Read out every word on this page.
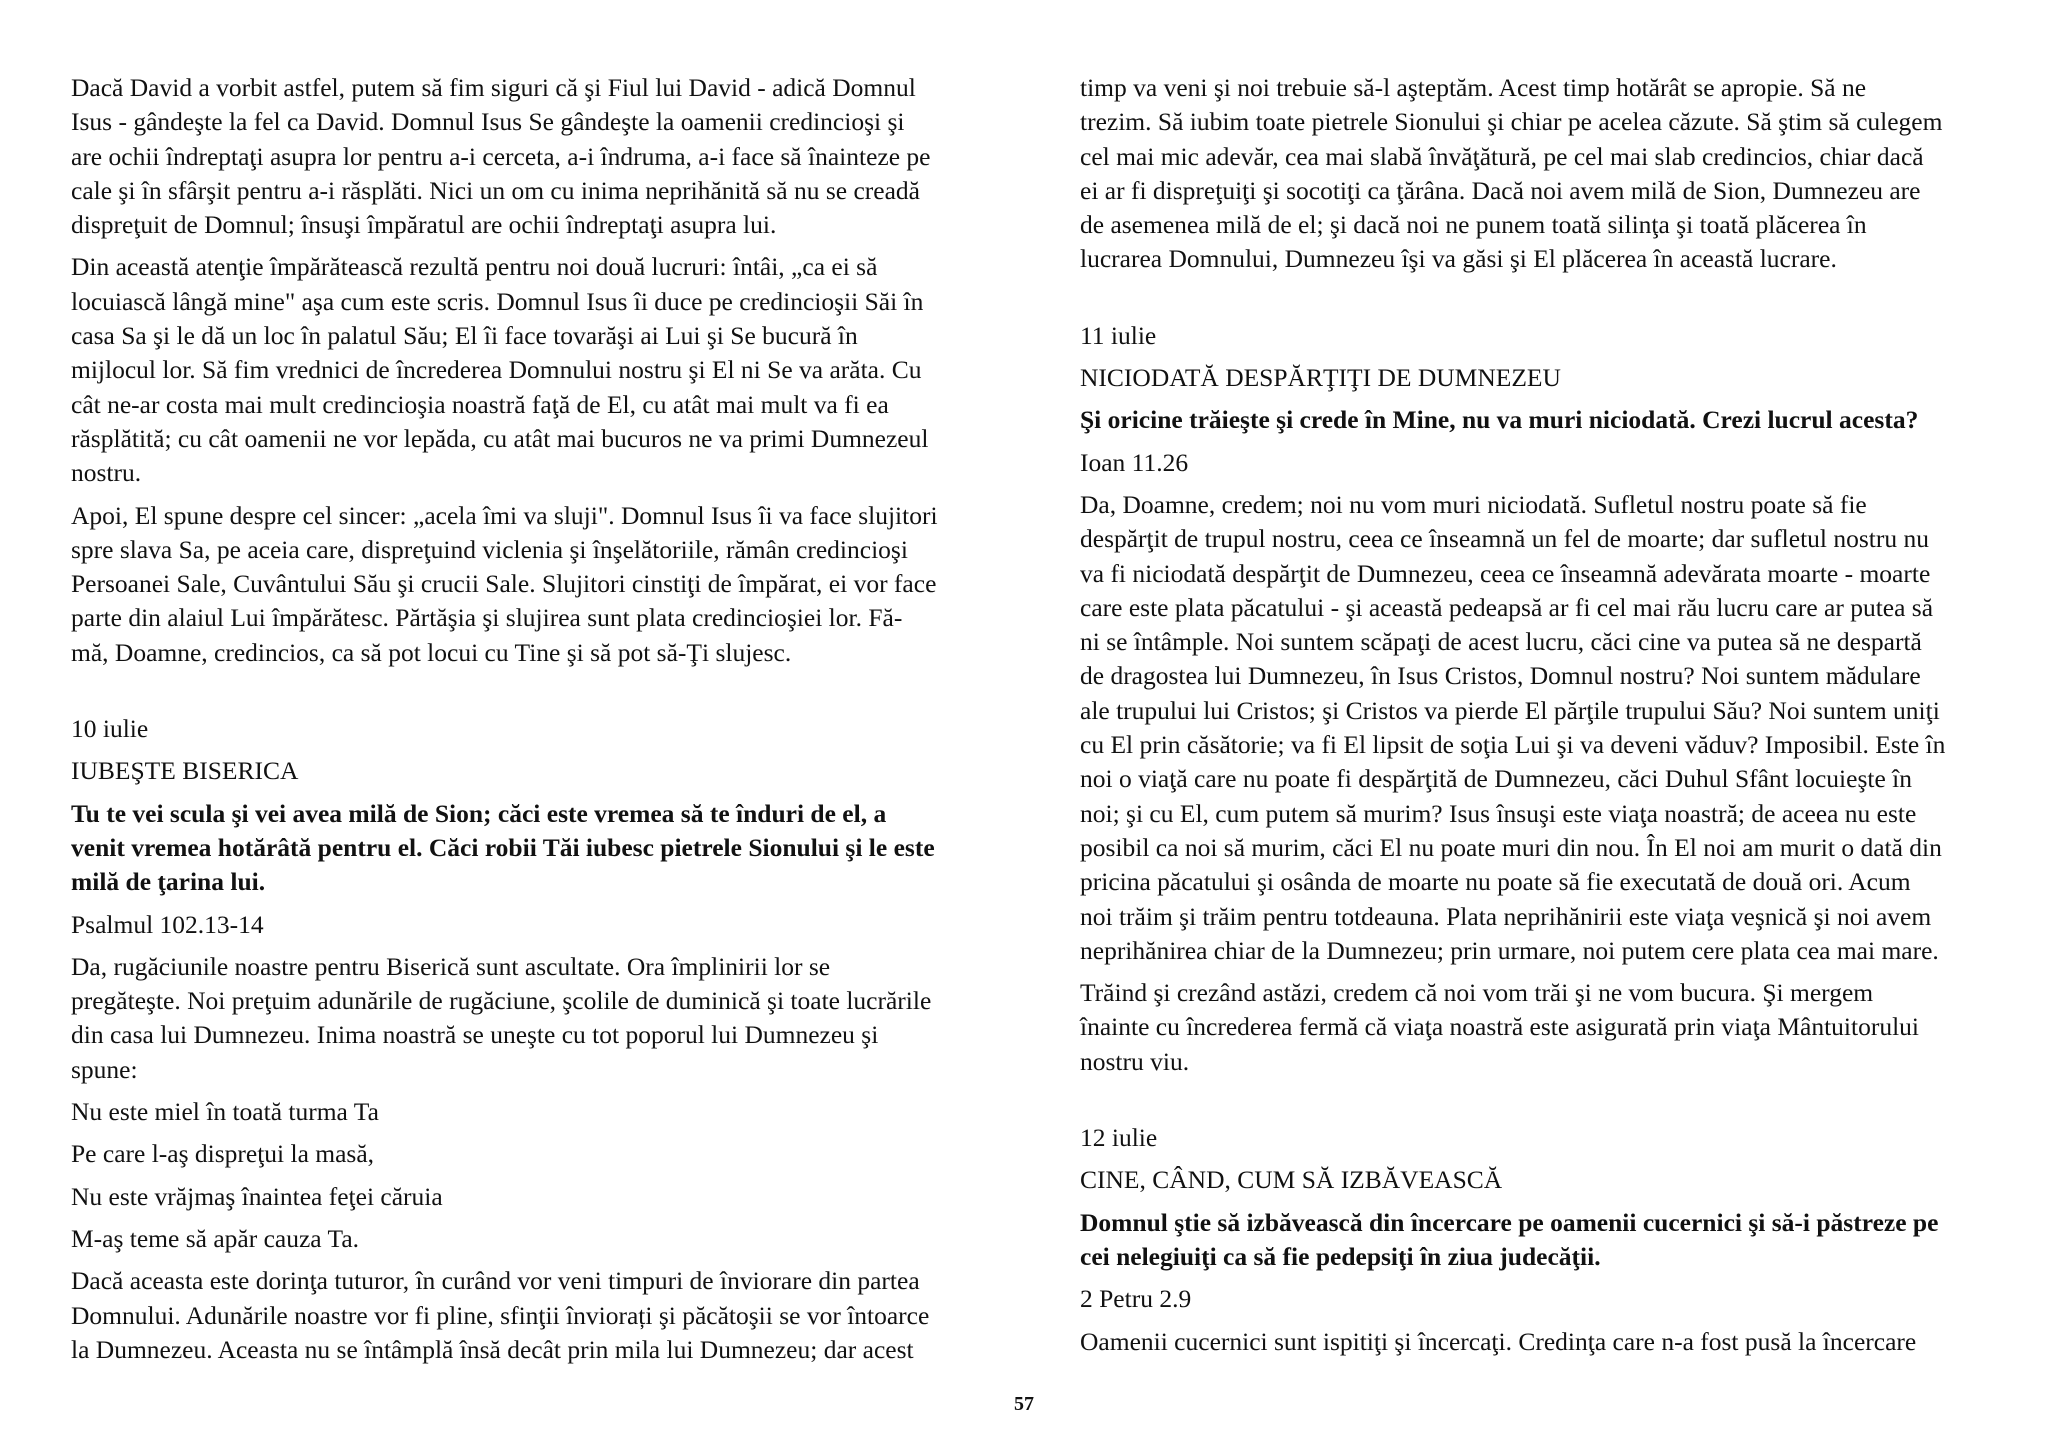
Dacă David a vorbit astfel, putem să fim siguri că şi Fiul lui David - adică Domnul

Isus - gândeşte la fel ca David. Domnul Isus Se gândeşte la oamenii credincioşi şi

are ochii îndreptaţi asupra lor pentru a-i cerceta, a-i îndruma, a-i face să înainteze pe

cale şi în sfârşit pentru a-i răsplăti. Nici un om cu inima neprihănită să nu se creadă

dispreţuit de Domnul; însuşi împăratul are ochii îndreptaţi asupra lui.

Din această atenţie împărătească rezultă pentru noi două lucruri: întâi, „ca ei să

locuiască lângă mine" aşa cum este scris. Domnul Isus îi duce pe credincioşii Săi în

casa Sa şi le dă un loc în palatul Său; El îi face tovarăşi ai Lui şi Se bucură în

mijlocul lor. Să fim vrednici de încrederea Domnului nostru şi El ni Se va arăta. Cu

cât ne-ar costa mai mult credincioşia noastră faţă de El, cu atât mai mult va fi ea

răsplătită; cu cât oamenii ne vor lepăda, cu atât mai bucuros ne va primi Dumnezeul

nostru.

Apoi, El spune despre cel sincer: „acela îmi va sluji". Domnul Isus îi va face slujitori

spre slava Sa, pe aceia care, dispreţuind viclenia şi înşelătoriile, rămân credincioşi

Persoanei Sale, Cuvântului Său şi crucii Sale. Slujitori cinstiţi de împărat, ei vor face

parte din alaiul Lui împărătesc. Părtăşia şi slujirea sunt plata credincioşiei lor. Fă-

mă, Doamne, credincios, ca să pot locui cu Tine şi să pot să-Ţi slujesc.

10 iulie

IUBEŞTE BISERICA

Tu te vei scula şi vei avea milă de Sion; căci este vremea să te înduri de el, a

venit vremea hotărâtă pentru el. Căci robii Tăi iubesc pietrele Sionului şi le este

milă de ţarina lui.

Psalmul 102.13-14

Da, rugăciunile noastre pentru Biserică sunt ascultate. Ora împlinirii lor se

pregăteşte. Noi preţuim adunările de rugăciune, şcolile de duminică şi toate lucrările

din casa lui Dumnezeu. Inima noastră se uneşte cu tot poporul lui Dumnezeu şi

spune:

Nu este miel în toată turma Ta

Pe care l-aş dispreţui la masă,

Nu este vrăjmaş înaintea feţei căruia

M-aş teme să apăr cauza Ta.

Dacă aceasta este dorinţa tuturor, în curând vor veni timpuri de înviorare din partea

Domnului. Adunările noastre vor fi pline, sfinţii înviorați şi păcătoşii se vor întoarce

la Dumnezeu. Aceasta nu se întâmplă însă decât prin mila lui Dumnezeu; dar acest

timp va veni şi noi trebuie să-l aşteptăm. Acest timp hotărât se apropie. Să ne

trezim. Să iubim toate pietrele Sionului şi chiar pe acelea căzute. Să ştim să culegem

cel mai mic adevăr, cea mai slabă învăţătură, pe cel mai slab credincios, chiar dacă

ei ar fi dispreţuiţi şi socotiţi ca ţărâna. Dacă noi avem milă de Sion, Dumnezeu are

de asemenea milă de el; şi dacă noi ne punem toată silinţa şi toată plăcerea în

lucrarea Domnului, Dumnezeu îşi va găsi şi El plăcerea în această lucrare.

11 iulie

NICIODATĂ DESPĂRŢIŢI DE DUMNEZEU

Şi oricine trăieşte şi crede în Mine, nu va muri niciodată. Crezi lucrul acesta?

Ioan 11.26

Da, Doamne, credem; noi nu vom muri niciodată. Sufletul nostru poate să fie

despărţit de trupul nostru, ceea ce înseamnă un fel de moarte; dar sufletul nostru nu

va fi niciodată despărţit de Dumnezeu, ceea ce înseamnă adevărata moarte - moarte

care este plata păcatului - şi această pedeapsă ar fi cel mai rău lucru care ar putea să

ni se întâmple. Noi suntem scăpaţi de acest lucru, căci cine va putea să ne despartă

de dragostea lui Dumnezeu, în Isus Cristos, Domnul nostru? Noi suntem mădulare

ale trupului lui Cristos; şi Cristos va pierde El părţile trupului Său? Noi suntem uniţi

cu El prin căsătorie; va fi El lipsit de soţia Lui şi va deveni văduv? Imposibil. Este în

noi o viaţă care nu poate fi despărţită de Dumnezeu, căci Duhul Sfânt locuieşte în

noi; şi cu El, cum putem să murim? Isus însuşi este viaţa noastră; de aceea nu este

posibil ca noi să murim, căci El nu poate muri din nou. În El noi am murit o dată din

pricina păcatului şi osânda de moarte nu poate să fie executată de două ori. Acum

noi trăim şi trăim pentru totdeauna. Plata neprihănirii este viaţa veşnică şi noi avem

neprihănirea chiar de la Dumnezeu; prin urmare, noi putem cere plata cea mai mare.

Trăind şi crezând astăzi, credem că noi vom trăi şi ne vom bucura. Şi mergem

înainte cu încrederea fermă că viaţa noastră este asigurată prin viaţa Mântuitorului

nostru viu.

12 iulie

CINE, CÂND, CUM SĂ IZBĂVEASCĂ

Domnul ştie să izbăvească din încercare pe oamenii cucernici şi să-i păstreze pe

cei nelegiuiţi ca să fie pedepsiţi în ziua judecăţii.

2 Petru 2.9

Oamenii cucernici sunt ispitiţi şi încercaţi. Credinţa care n-a fost pusă la încercare

57
